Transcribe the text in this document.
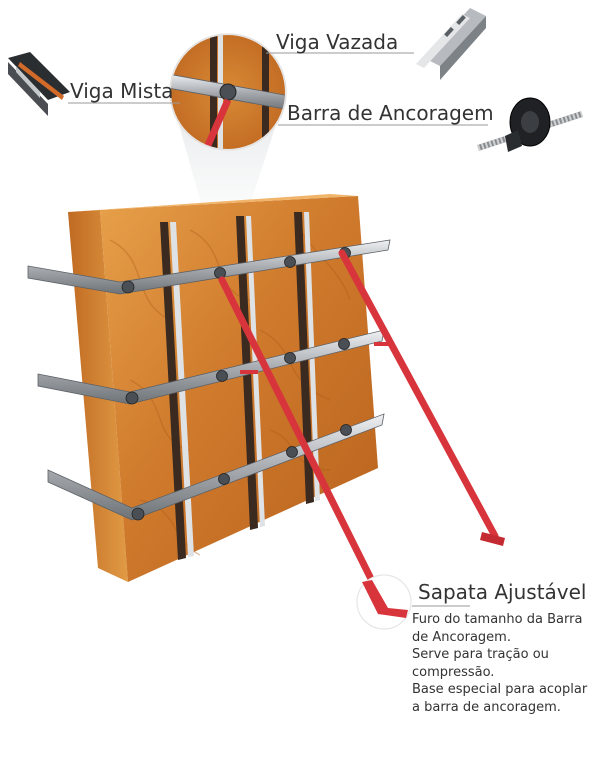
Viga Vazada
Viga Mista
Barra de Ancoragem
Sapata Ajustável
Furo do tamanho da Barra
de Ancoragem.
Serve para tração ou
compressão.
Base especial para acoplar
a barra de ancoragem.
